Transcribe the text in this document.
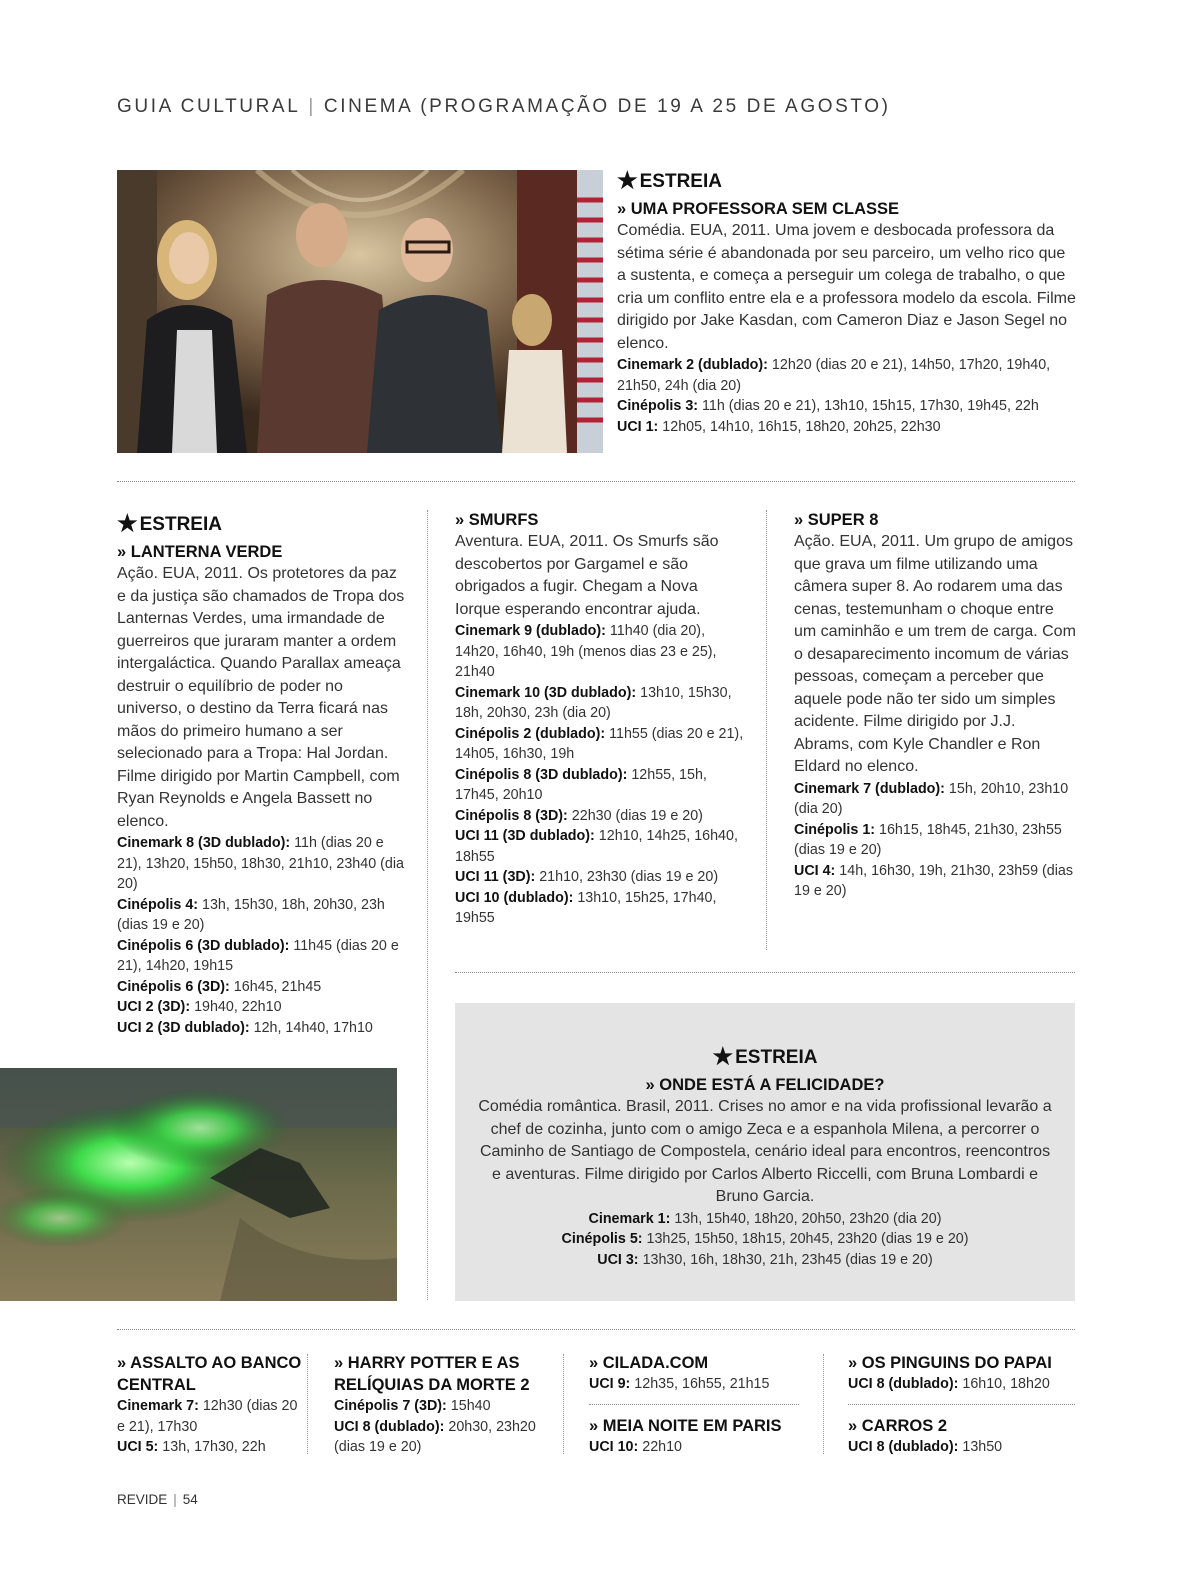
GUIA CULTURAL | CINEMA (PROGRAMAÇÃO DE 19 A 25 DE AGOSTO)
★ ESTREIA
» UMA PROFESSORA SEM CLASSE
Comédia. EUA, 2011. Uma jovem e desbocada professora da sétima série é abandonada por seu parceiro, um velho rico que a sustenta, e começa a perseguir um colega de trabalho, o que cria um conflito entre ela e a professora modelo da escola. Filme dirigido por Jake Kasdan, com Cameron Diaz e Jason Segel no elenco.
Cinemark 2 (dublado): 12h20 (dias 20 e 21), 14h50, 17h20, 19h40, 21h50, 24h (dia 20)
Cinépolis 3: 11h (dias 20 e 21), 13h10, 15h15, 17h30, 19h45, 22h
UCI 1: 12h05, 14h10, 16h15, 18h20, 20h25, 22h30
★ ESTREIA
» LANTERNA VERDE
Ação. EUA, 2011. Os protetores da paz e da justiça são chamados de Tropa dos Lanternas Verdes, uma irmandade de guerreiros que juraram manter a ordem intergaláctica. Quando Parallax ameaça destruir o equilíbrio de poder no universo, o destino da Terra ficará nas mãos do primeiro humano a ser selecionado para a Tropa: Hal Jordan. Filme dirigido por Martin Campbell, com Ryan Reynolds e Angela Bassett no elenco.
Cinemark 8 (3D dublado): 11h (dias 20 e 21), 13h20, 15h50, 18h30, 21h10, 23h40 (dia 20)
Cinépolis 4: 13h, 15h30, 18h, 20h30, 23h (dias 19 e 20)
Cinépolis 6 (3D dublado): 11h45 (dias 20 e 21), 14h20, 19h15
Cinépolis 6 (3D): 16h45, 21h45
UCI 2 (3D): 19h40, 22h10
UCI 2 (3D dublado): 12h, 14h40, 17h10
» SMURFS
Aventura. EUA, 2011. Os Smurfs são descobertos por Gargamel e são obrigados a fugir. Chegam a Nova Iorque esperando encontrar ajuda.
Cinemark 9 (dublado): 11h40 (dia 20), 14h20, 16h40, 19h (menos dias 23 e 25), 21h40
Cinemark 10 (3D dublado): 13h10, 15h30, 18h, 20h30, 23h (dia 20)
Cinépolis 2 (dublado): 11h55 (dias 20 e 21), 14h05, 16h30, 19h
Cinépolis 8 (3D dublado): 12h55, 15h, 17h45, 20h10
Cinépolis 8 (3D): 22h30 (dias 19 e 20)
UCI 11 (3D dublado): 12h10, 14h25, 16h40, 18h55
UCI 11 (3D): 21h10, 23h30 (dias 19 e 20)
UCI 10 (dublado): 13h10, 15h25, 17h40, 19h55
» SUPER 8
Ação. EUA, 2011. Um grupo de amigos que grava um filme utilizando uma câmera super 8. Ao rodarem uma das cenas, testemunham o choque entre um caminhão e um trem de carga. Com o desaparecimento incomum de várias pessoas, começam a perceber que aquele pode não ter sido um simples acidente. Filme dirigido por J.J. Abrams, com Kyle Chandler e Ron Eldard no elenco.
Cinemark 7 (dublado): 15h, 20h10, 23h10 (dia 20)
Cinépolis 1: 16h15, 18h45, 21h30, 23h55 (dias 19 e 20)
UCI 4: 14h, 16h30, 19h, 21h30, 23h59 (dias 19 e 20)
★ ESTREIA
» ONDE ESTÁ A FELICIDADE?
Comédia romântica. Brasil, 2011. Crises no amor e na vida profissional levarão a chef de cozinha, junto com o amigo Zeca e a espanhola Milena, a percorrer o Caminho de Santiago de Compostela, cenário ideal para encontros, reencontros e aventuras. Filme dirigido por Carlos Alberto Riccelli, com Bruna Lombardi e Bruno Garcia.
Cinemark 1: 13h, 15h40, 18h20, 20h50, 23h20 (dia 20)
Cinépolis 5: 13h25, 15h50, 18h15, 20h45, 23h20 (dias 19 e 20)
UCI 3: 13h30, 16h, 18h30, 21h, 23h45 (dias 19 e 20)
» ASSALTO AO BANCO CENTRAL
Cinemark 7: 12h30 (dias 20 e 21), 17h30
UCI 5: 13h, 17h30, 22h
» HARRY POTTER E AS RELÍQUIAS DA MORTE 2
Cinépolis 7 (3D): 15h40
UCI 8 (dublado): 20h30, 23h20 (dias 19 e 20)
» CILADA.COM
UCI 9: 12h35, 16h55, 21h15
» MEIA NOITE EM PARIS
UCI 10: 22h10
» OS PINGUINS DO PAPAI
UCI 8 (dublado): 16h10, 18h20
» CARROS 2
UCI 8 (dublado): 13h50
REVIDE | 54
